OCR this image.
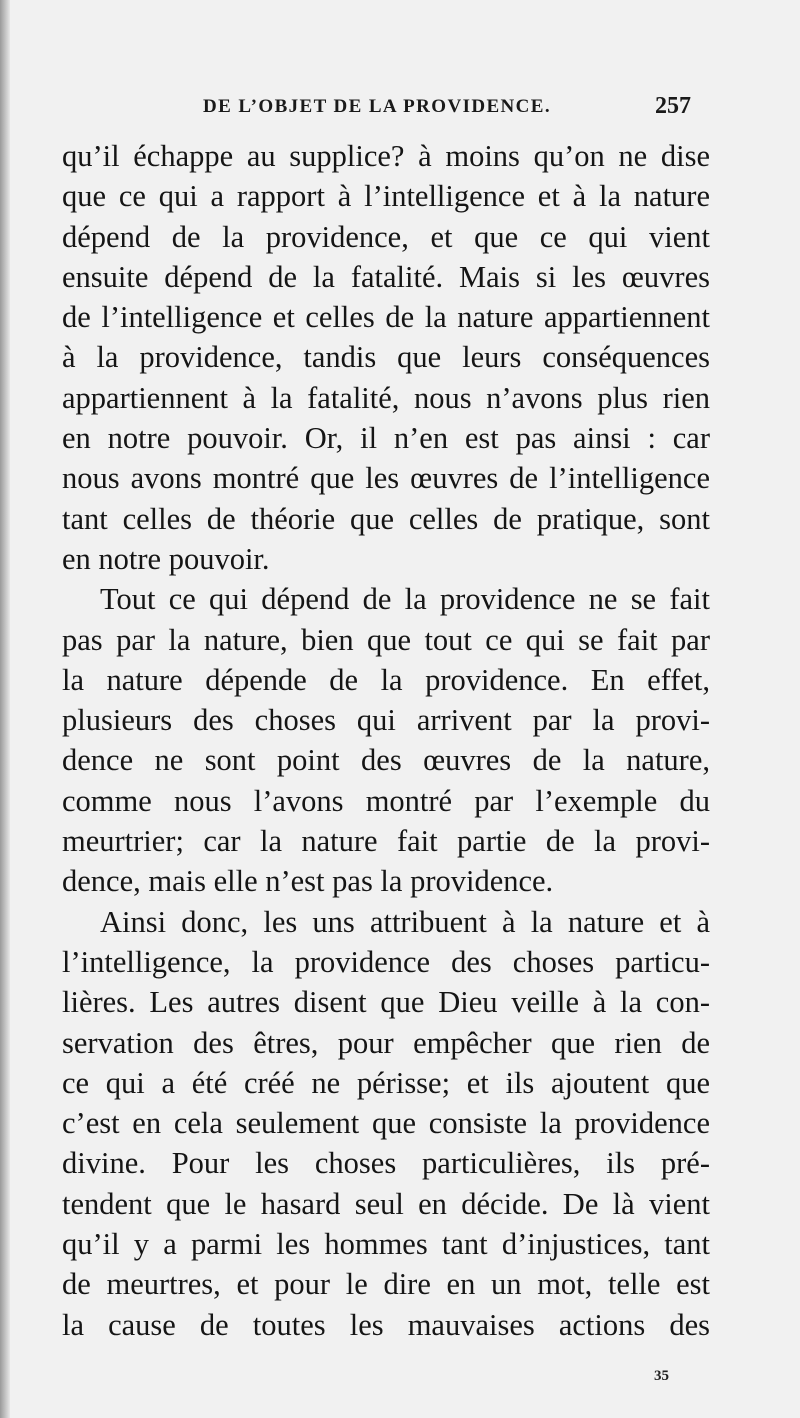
DE L’OBJET DE LA PROVIDENCE.	257
qu’il échappe au supplice? à moins qu’on ne dise
que ce qui a rapport à l’intelligence et à la nature
dépend de la providence, et que ce qui vient
ensuite dépend de la fatalité. Mais si les œuvres
de l’intelligence et celles de la nature appartiennent
à la providence, tandis que leurs conséquences
appartiennent à la fatalité, nous n’avons plus rien
en notre pouvoir. Or, il n’en est pas ainsi : car
nous avons montré que les œuvres de l’intelligence
tant celles de théorie que celles de pratique, sont
en notre pouvoir.
Tout ce qui dépend de la providence ne se fait
pas par la nature, bien que tout ce qui se fait par
la nature dépende de la providence. En effet,
plusieurs des choses qui arrivent par la provi-
dence ne sont point des œuvres de la nature,
comme nous l’avons montré par l’exemple du
meurtrier; car la nature fait partie de la provi-
dence, mais elle n’est pas la providence.
Ainsi donc, les uns attribuent à la nature et à
l’intelligence, la providence des choses particu-
lières. Les autres disent que Dieu veille à la con-
servation des êtres, pour empêcher que rien de
ce qui a été créé ne périsse; et ils ajoutent que
c’est en cela seulement que consiste la providence
divine. Pour les choses particulières, ils pré-
tendent que le hasard seul en décide. De là vient
qu’il y a parmi les hommes tant d’injustices, tant
de meurtres, et pour le dire en un mot, telle est
la cause de toutes les mauvaises actions des
35
